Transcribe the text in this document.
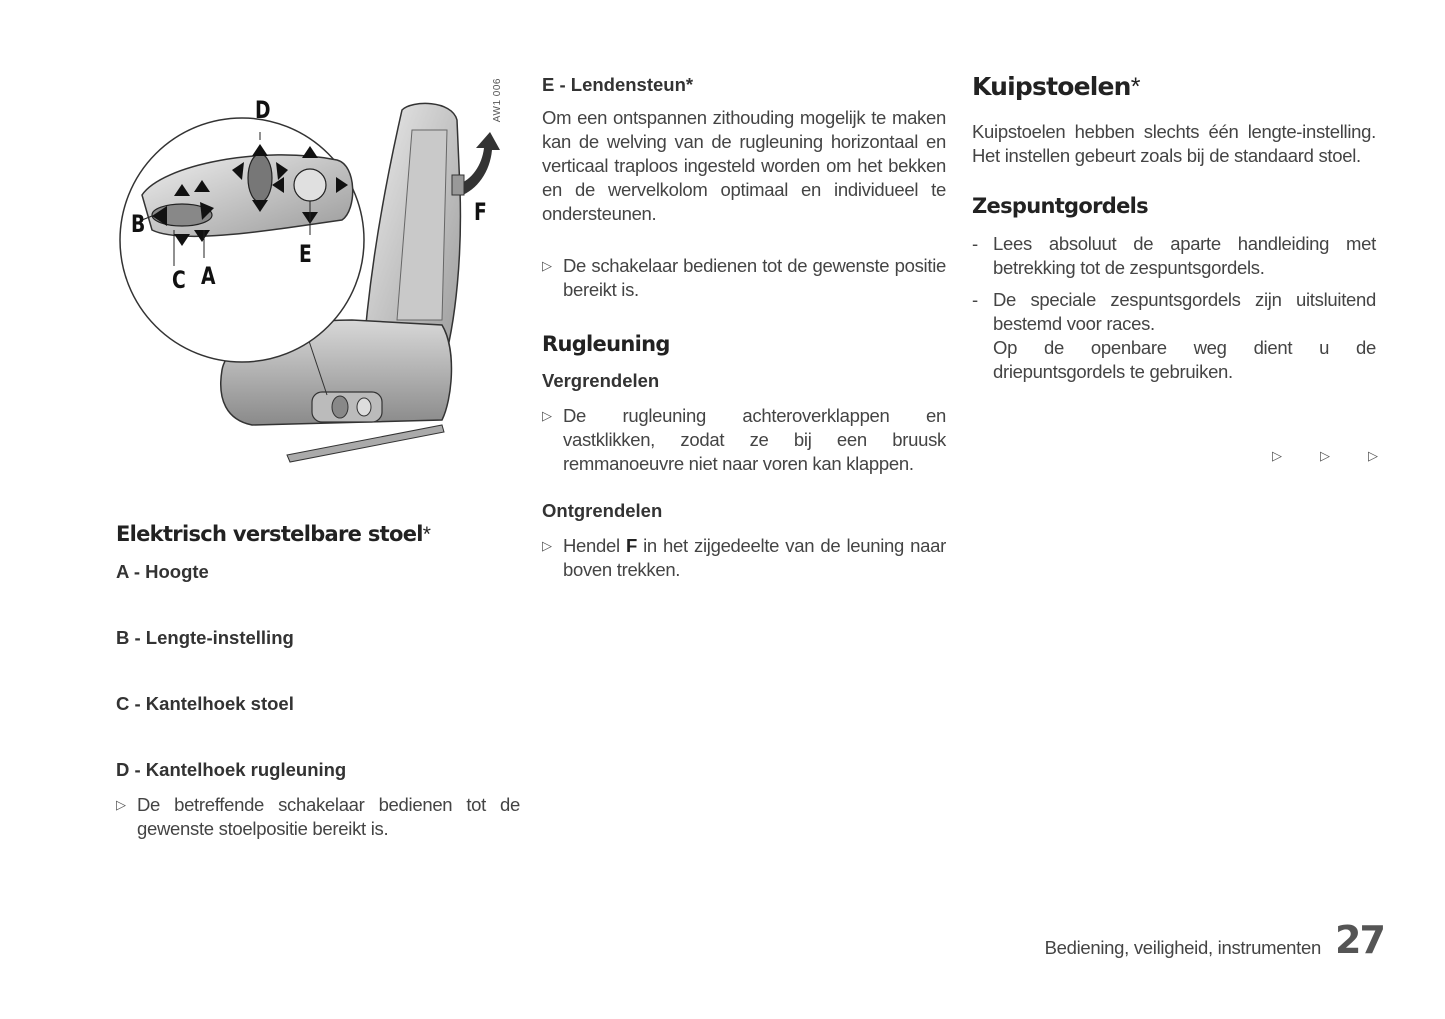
AW1 006
D
B
C A
E
F
Elektrisch verstelbare stoel*
A - Hoogte
B - Lengte-instelling
C - Kantelhoek stoel
D - Kantelhoek rugleuning
▷ De betreffende schakelaar bedienen tot de gewenste stoelpositie bereikt is.
E - Lendensteun*
Om een ontspannen zithouding mogelijk te maken kan de welving van de rugleuning horizontaal en verticaal traploos ingesteld worden om het bekken en de wervelkolom optimaal en individueel te ondersteunen.
▷ De schakelaar bedienen tot de gewenste positie bereikt is.
Rugleuning
Vergrendelen
▷ De rugleuning achteroverklappen en vastklikken, zodat ze bij een bruusk remmanoeuvre niet naar voren kan klappen.
Ontgrendelen
▷ Hendel F in het zijgedeelte van de leuning naar boven trekken.
Kuipstoelen*
Kuipstoelen hebben slechts één lengte-instelling. Het instellen gebeurt zoals bij de standaard stoel.
Zespuntgordels
- Lees absoluut de aparte handleiding met betrekking tot de zespuntsgordels.
- De speciale zespuntsgordels zijn uitsluitend bestemd voor races.
Op de openbare weg dient u de driepuntsgordels te gebruiken.
▷	▷	▷
Bediening, veiligheid, instrumenten 27
